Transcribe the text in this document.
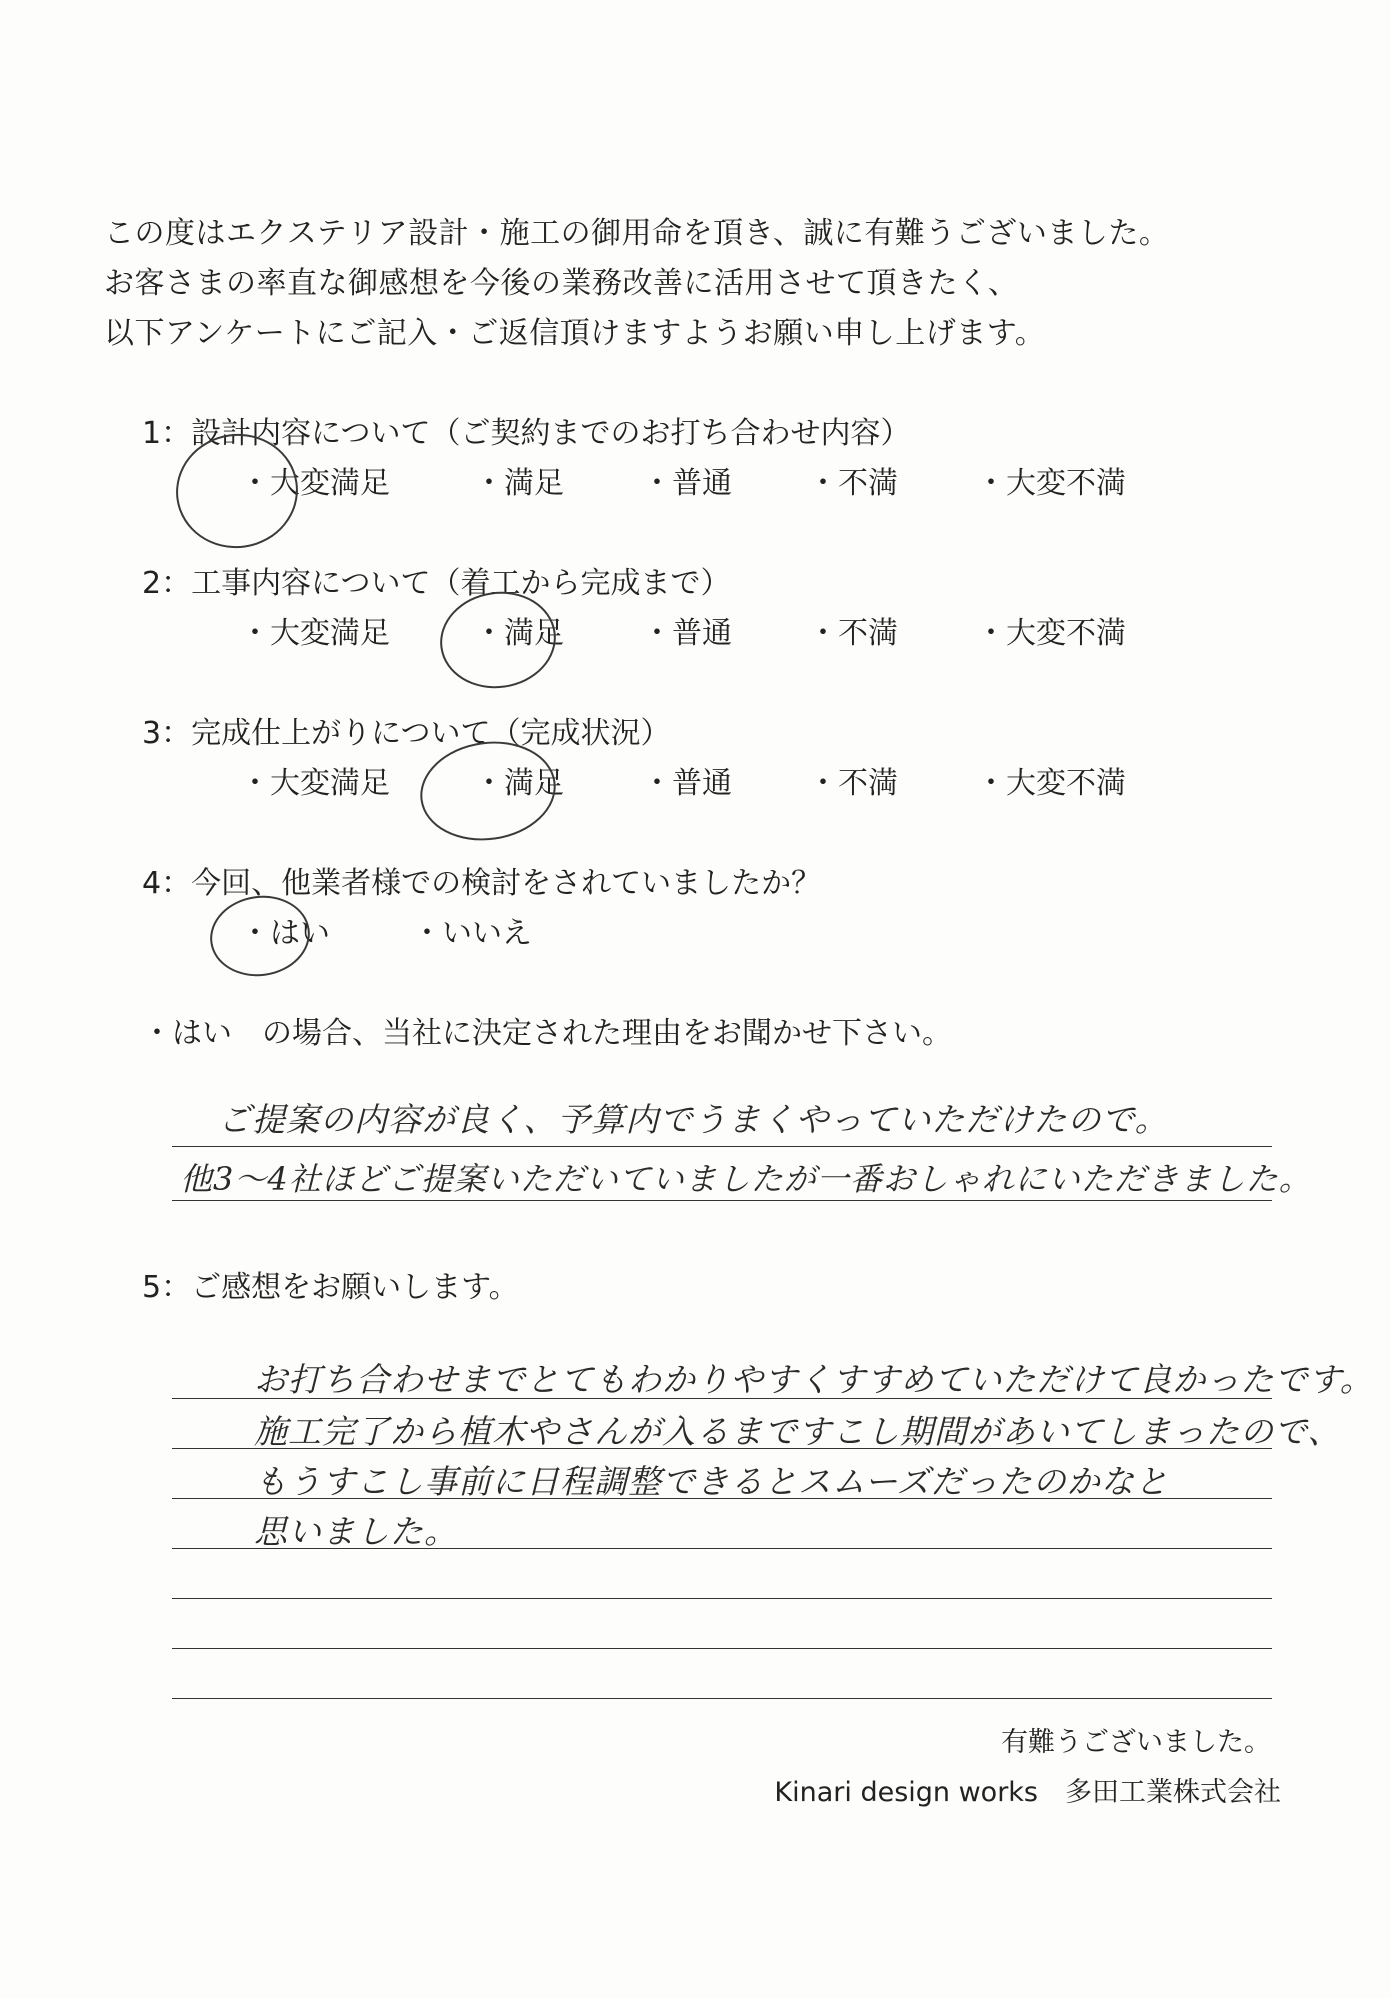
この度はエクステリア設計・施工の御用命を頂き、誠に有難うございました。
お客さまの率直な御感想を今後の業務改善に活用させて頂きたく、
以下アンケートにご記入・ご返信頂けますようお願い申し上げます。
1：設計内容について（ご契約までのお打ち合わせ内容）
・大変満足	・満足	・普通	・不満	・大変不満
2：工事内容について（着工から完成まで）
・大変満足	・満足	・普通	・不満	・大変不満
3：完成仕上がりについて（完成状況）
・大変満足	・満足	・普通	・不満	・大変不満
4：今回、他業者様での検討をされていましたか？
・はい	・いいえ
・はい　の場合、当社に決定された理由をお聞かせ下さい。
ご提案の内容が良く、予算内でうまくやっていただけたので。
他3～4社ほどご提案いただいていましたが一番おしゃれにいただきました。
5：ご感想をお願いします。
お打ち合わせまでとてもわかりやすくすすめていただけて良かったです。
施工完了から植木やさんが入るまですこし期間があいてしまったので、
もうすこし事前に日程調整できるとスムーズだったのかなと
思いました。
有難うございました。
Kinari design works　多田工業株式会社
